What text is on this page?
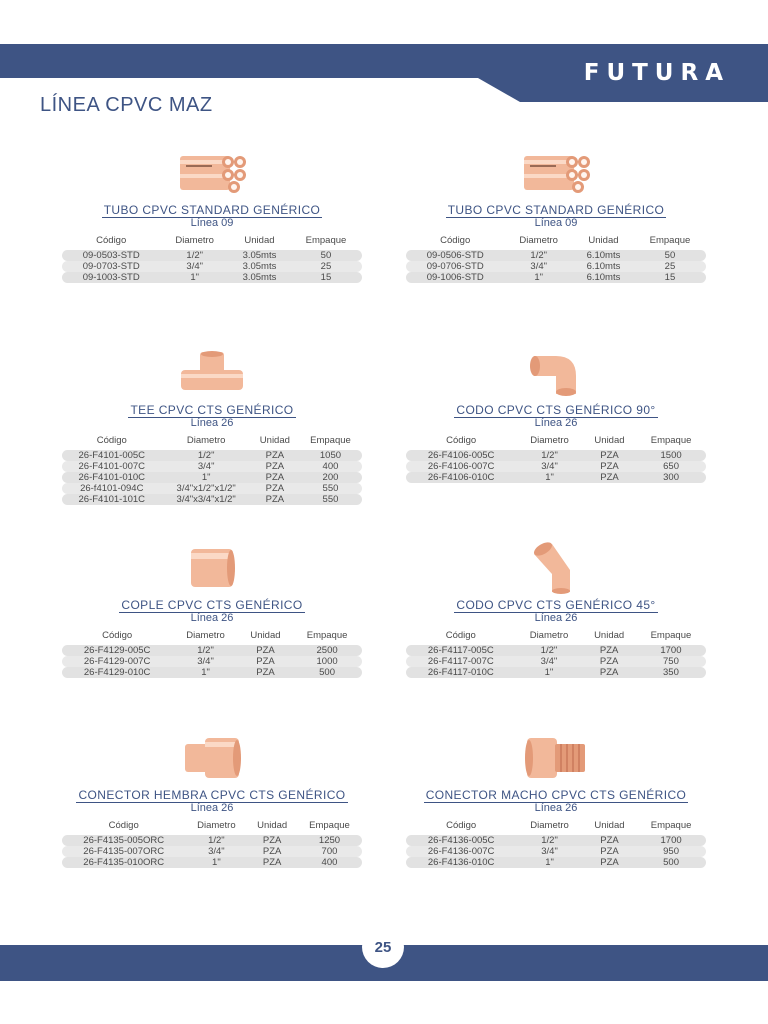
FUTURA
LÍNEA CPVC MAZ
TUBO CPVC STANDARD GENÉRICO
Línea 09
Código	Diametro	Unidad	Empaque
09-0503-STD	1/2"	3.05mts	50
09-0703-STD	3/4"	3.05mts	25
09-1003-STD	1"	3.05mts	15
TUBO CPVC STANDARD GENÉRICO
Línea 09
Código	Diametro	Unidad	Empaque
09-0506-STD	1/2"	6.10mts	50
09-0706-STD	3/4"	6.10mts	25
09-1006-STD	1"	6.10mts	15
TEE CPVC CTS GENÉRICO
Línea 26
Código	Diametro	Unidad	Empaque
26-F4101-005C	1/2"	PZA	1050
26-F4101-007C	3/4"	PZA	400
26-F4101-010C	1"	PZA	200
26-f4101-094C	3/4"x1/2"x1/2"	PZA	550
26-F4101-101C	3/4"x3/4"x1/2"	PZA	550
CODO CPVC CTS GENÉRICO 90°
Línea 26
Código	Diametro	Unidad	Empaque
26-F4106-005C	1/2"	PZA	1500
26-F4106-007C	3/4"	PZA	650
26-F4106-010C	1"	PZA	300
COPLE CPVC CTS GENÉRICO
Línea 26
Código	Diametro	Unidad	Empaque
26-F4129-005C	1/2"	PZA	2500
26-F4129-007C	3/4"	PZA	1000
26-F4129-010C	1"	PZA	500
CODO CPVC CTS GENÉRICO 45°
Línea 26
Código	Diametro	Unidad	Empaque
26-F4117-005C	1/2"	PZA	1700
26-F4117-007C	3/4"	PZA	750
26-F4117-010C	1"	PZA	350
CONECTOR HEMBRA CPVC CTS GENÉRICO
Línea 26
Código	Diametro	Unidad	Empaque
26-F4135-005ORC	1/2"	PZA	1250
26-F4135-007ORC	3/4"	PZA	700
26-F4135-010ORC	1"	PZA	400
CONECTOR MACHO CPVC CTS GENÉRICO
Línea 26
Código	Diametro	Unidad	Empaque
26-F4136-005C	1/2"	PZA	1700
26-F4136-007C	3/4"	PZA	950
26-F4136-010C	1"	PZA	500
25
